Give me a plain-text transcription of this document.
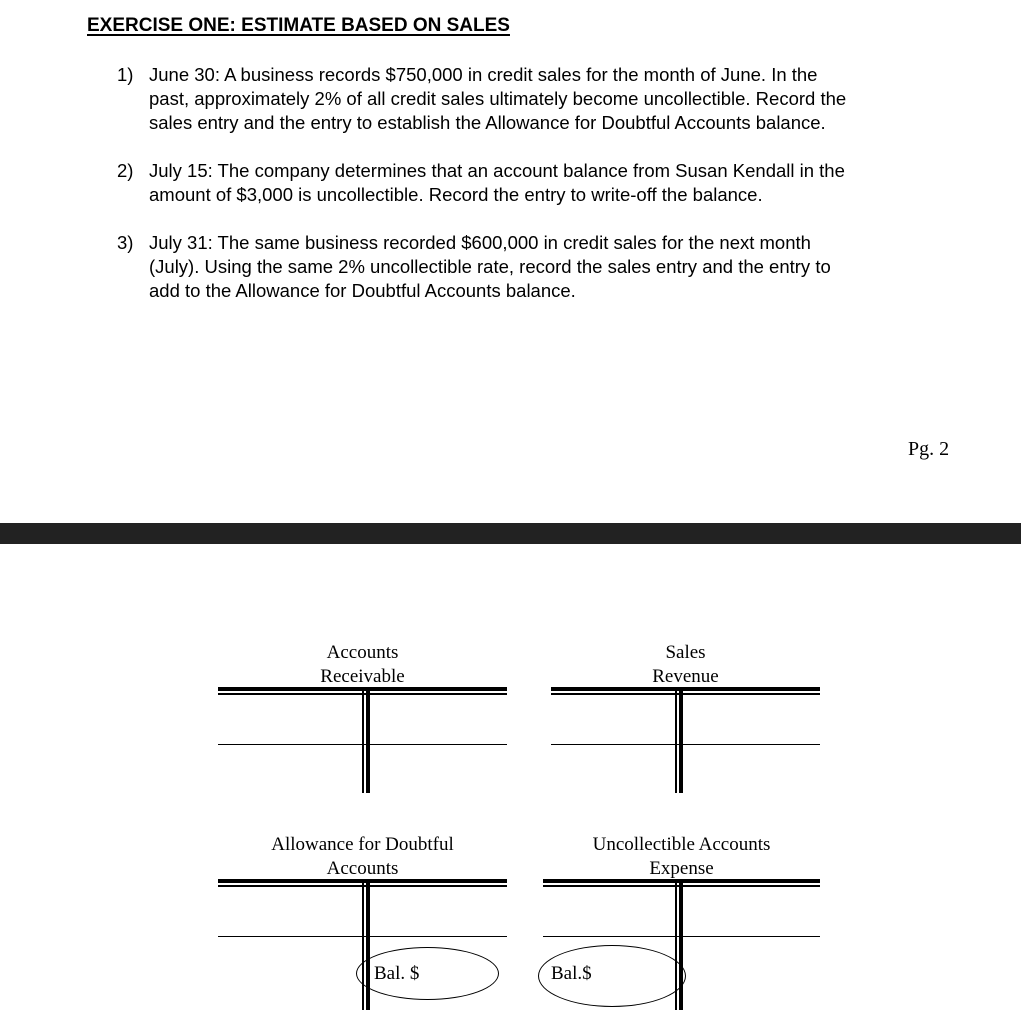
EXERCISE ONE: ESTIMATE BASED ON SALES
1) June 30: A business records $750,000 in credit sales for the month of June. In the
past, approximately 2% of all credit sales ultimately become uncollectible. Record the
sales entry and the entry to establish the Allowance for Doubtful Accounts balance.
2) July 15: The company determines that an account balance from Susan Kendall in the
amount of $3,000 is uncollectible. Record the entry to write-off the balance.
3) July 31: The same business recorded $600,000 in credit sales for the next month
(July). Using the same 2% uncollectible rate, record the sales entry and the entry to
add to the Allowance for Doubtful Accounts balance.
Pg. 2
Accounts
Receivable
Sales
Revenue
Allowance for Doubtful
Accounts
Bal. $
Uncollectible Accounts
Expense
Bal.$
